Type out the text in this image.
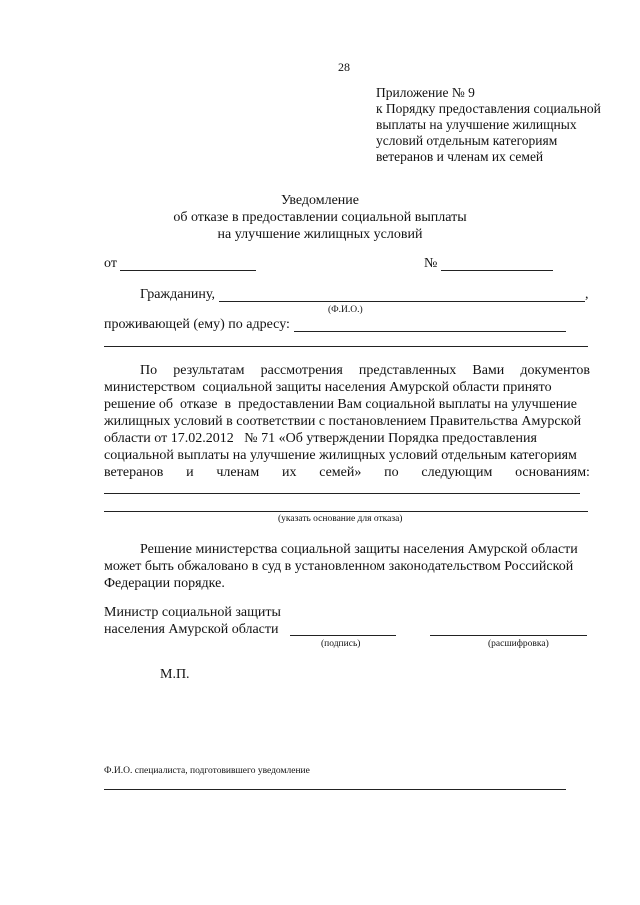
28
Приложение № 9
к Порядку предоставления социальной
выплаты на улучшение жилищных
условий отдельным категориям
ветеранов и членам их семей
Уведомление
об отказе в предоставлении социальной выплаты
на улучшение жилищных условий
от	№
Гражданину,	,
(Ф.И.О.)
проживающей (ему) по адресу:
По результатам рассмотрения представленных Вами документов
министерством  социальной защиты населения Амурской области принято
решение об  отказе  в  предоставлении Вам социальной выплаты на улучшение
жилищных условий в соответствии с постановлением Правительства Амурской
области от 17.02.2012   № 71 «Об утверждении Порядка предоставления
социальной выплаты на улучшение жилищных условий отдельным категориям
ветеранов и членам их семей» по следующим основаниям:
(указать основание для отказа)
Решение министерства социальной защиты населения Амурской области
может быть обжаловано в суд в установленном законодательством Российской
Федерации порядке.
Министр социальной защиты
населения Амурской области
(подпись)	(расшифровка)
М.П.
Ф.И.О. специалиста, подготовившего уведомление
